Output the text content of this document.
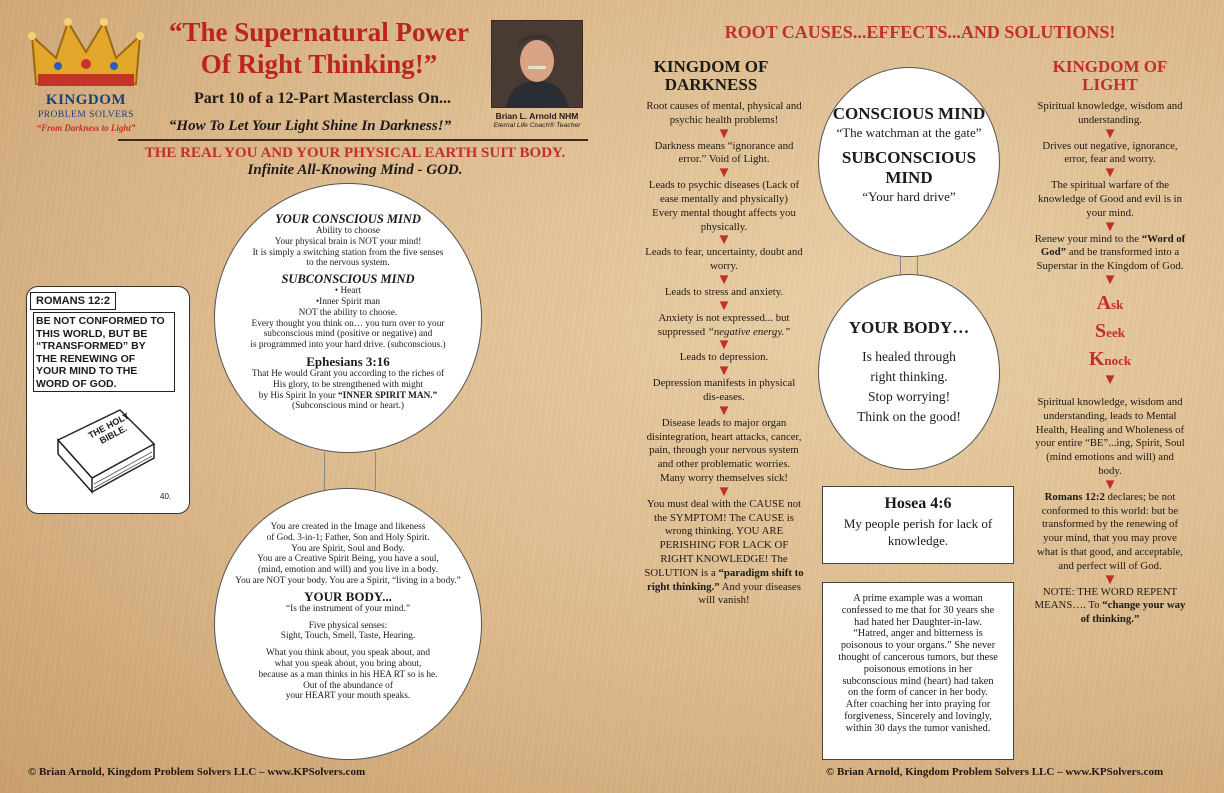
KINGDOM
PROBLEM SOLVERS
“From Darkness to Light”
“The Supernatural Power
Of Right Thinking!”
Part 10 of a 12-Part Masterclass On...
“How To Let Your Light Shine In Darkness!”
Brian L. Arnold NHM
Eternal Life Coach® Teacher
THE REAL YOU AND YOUR PHYSICAL EARTH SUIT BODY.
Infinite All-Knowing Mind - GOD.
ROMANS 12:2
BE NOT CONFORMED TO THIS WORLD, BUT BE “TRANSFORMED” BY THE RENEWING OF YOUR MIND TO THE WORD OF GOD.
THE HOLY BIBLE.
40.
YOUR CONSCIOUS MIND
Ability to choose
Your physical brain is NOT your mind!
It is simply a switching station from the five senses
to the nervous system.
SUBCONSCIOUS MIND
• Heart
•Inner Spirit man
NOT the ability to choose.
Every thought you think on… you turn over to your
subconscious mind (positive or negative) and
is programmed into your hard drive. (subconscious.)
Ephesians 3:16
That He would Grant you according to the riches of
His glory, to be strengthened with might
by His Spirit In your “INNER SPIRIT MAN.”
(Subconscious mind or heart.)
You are created in the Image and likeness
of God. 3-in-1; Father, Son and Holy Spirit.
You are Spirit, Soul and Body.
You are a Creative Spirit Being, you have a soul,
(mind, emotion and will) and you live in a body.
You are NOT your body. You are a Spirit, “living in a body.”
YOUR BODY...
“Is the instrument of your mind.”
Five physical senses:
Sight, Touch, Smell, Taste, Hearing.
What you think about, you speak about, and
what you speak about, you bring about,
because as a man thinks in his HEA RT so is he.
Out of the abundance of
your HEART your mouth speaks.
© Brian Arnold, Kingdom Problem Solvers LLC – www.KPSolvers.com
ROOT CAUSES...EFFECTS...AND SOLUTIONS!
KINGDOM OF
DARKNESS
Root causes of mental, physical and psychic health problems!
▼
Darkness means “ignorance and error.” Void of Light.
▼
Leads to psychic diseases (Lack of ease mentally and physically)
Every mental thought affects you physically.
▼
Leads to fear, uncertainty, doubt and worry.
▼
Leads to stress and anxiety.
▼
Anxiety is not expressed... but suppressed “negative energy.”
▼
Leads to depression.
▼
Depression manifests in physical dis-eases.
▼
Disease leads to major organ disintegration, heart attacks, cancer, pain, through your nervous system and other problematic worries. Many worry themselves sick!
▼
You must deal with the CAUSE not the SYMPTOM! The CAUSE is wrong thinking. YOU ARE PERISHING FOR LACK OF RIGHT KNOWLEDGE! The SOLUTION is a “paradigm shift to right thinking.” And your diseases will vanish!
CONSCIOUS MIND
“The watchman at the gate”
SUBCONSCIOUS
MIND
“Your hard drive”
YOUR BODY…
Is healed through
right thinking.
Stop worrying!
Think on the good!
Hosea 4:6
My people perish for lack of knowledge.
A prime example was a woman confessed to me that for 30 years she had hated her Daughter-in-law. “Hatred, anger and bitterness is poisonous to your organs.” She never thought of cancerous tumors, but these poisonous emotions in her subconscious mind (heart) had taken on the form of cancer in her body. After coaching her into praying for forgiveness, Sincerely and lovingly, within 30 days the tumor vanished.
KINGDOM OF
LIGHT
Spiritual knowledge, wisdom and understanding.
▼
Drives out negative, ignorance, error, fear and worry.
▼
The spiritual warfare of the knowledge of Good and evil is in your mind.
▼
Renew your mind to the “Word of God” and be transformed into a Superstar in the Kingdom of God.
▼
Ask
Seek
Knock
▼
Spiritual knowledge, wisdom and understanding, leads to Mental Health, Healing and Wholeness of your entire “BE”...ing, Spirit, Soul (mind emotions and will) and body.
▼
Romans 12:2 declares; be not conformed to this world: but be transformed by the renewing of your mind, that you may prove what is that good, and acceptable, and perfect will of God.
▼
NOTE: THE WORD REPENT MEANS…. To “change your way of thinking.”
© Brian Arnold, Kingdom Problem Solvers LLC – www.KPSolvers.com
